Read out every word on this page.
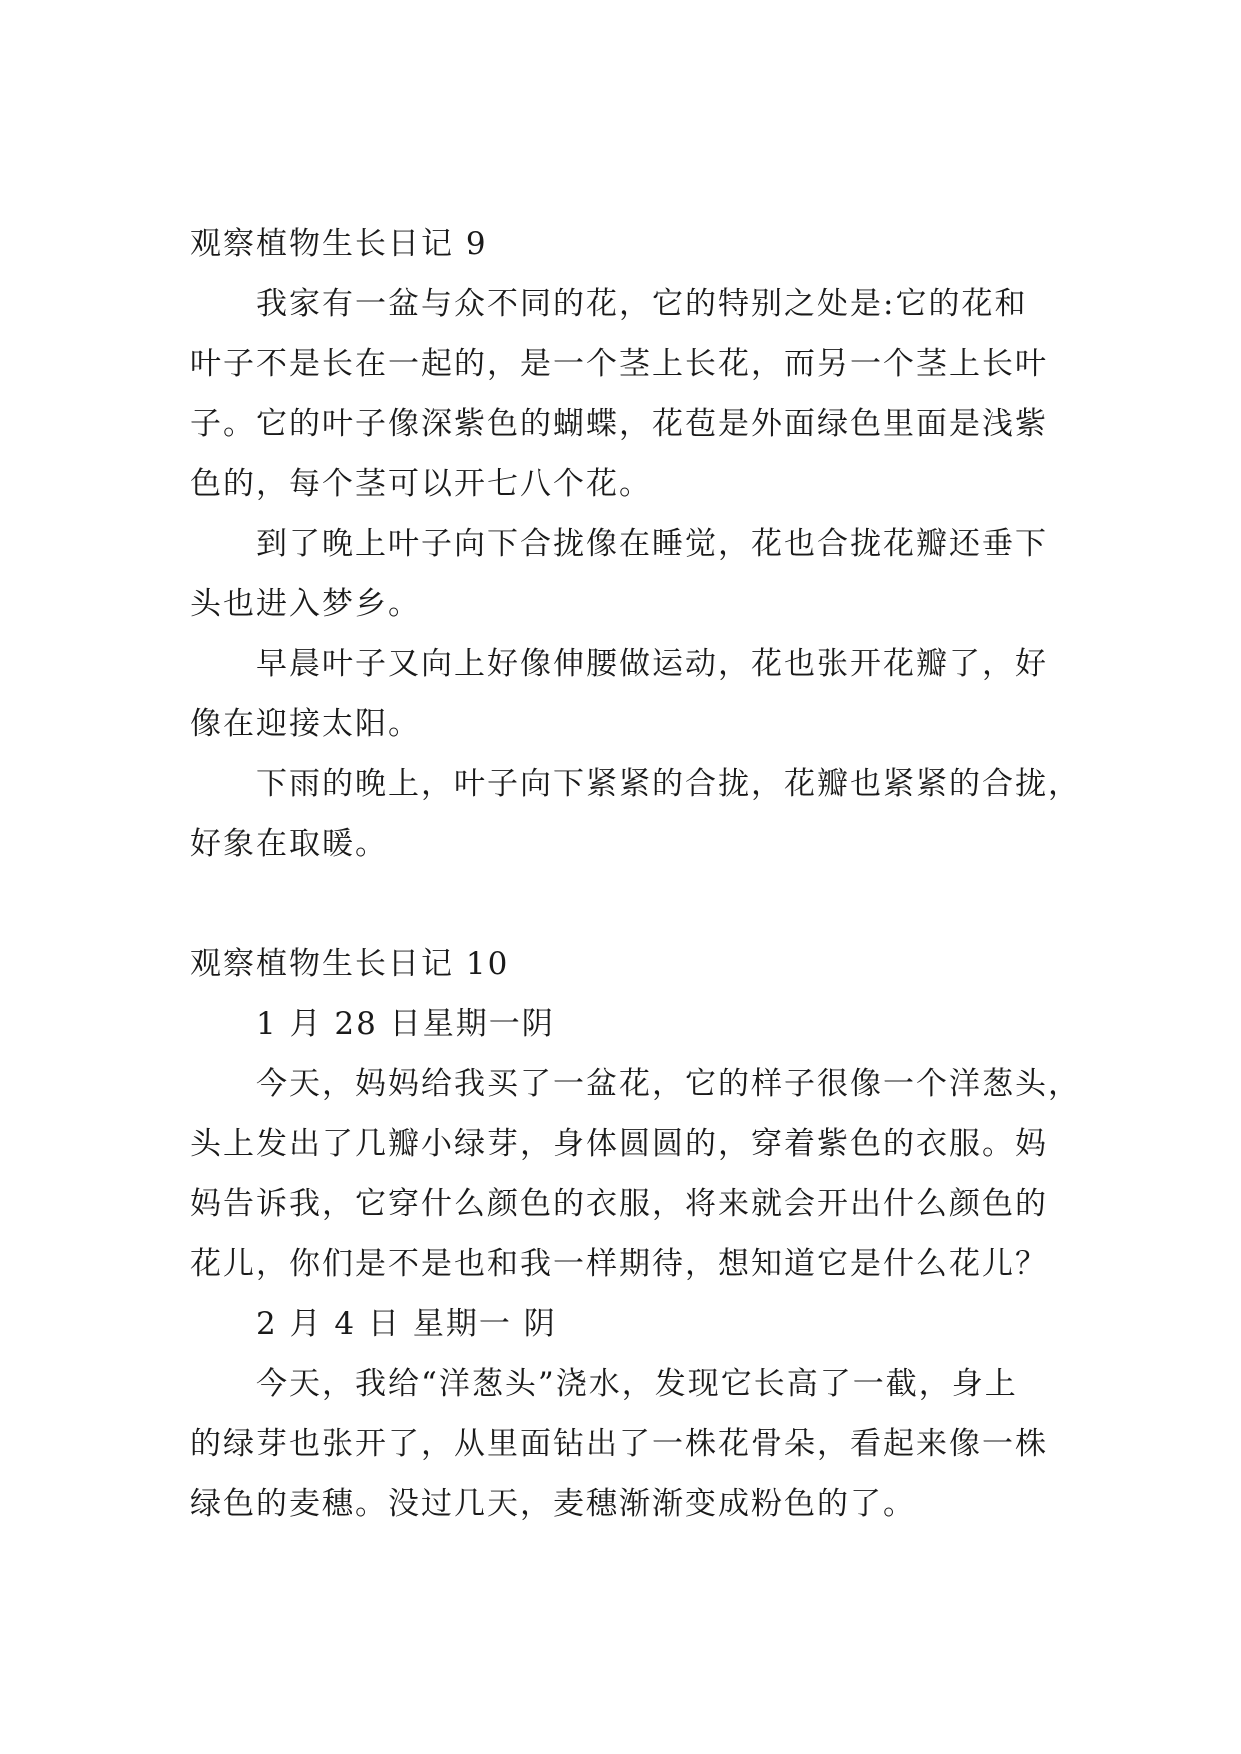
观察植物生长日记 9
我家有一盆与众不同的花，它的特别之处是:它的花和
叶子不是长在一起的，是一个茎上长花，而另一个茎上长叶
子。它的叶子像深紫色的蝴蝶，花苞是外面绿色里面是浅紫
色的，每个茎可以开七八个花。
到了晚上叶子向下合拢像在睡觉，花也合拢花瓣还垂下
头也进入梦乡。
早晨叶子又向上好像伸腰做运动，花也张开花瓣了，好
像在迎接太阳。
下雨的晚上，叶子向下紧紧的合拢，花瓣也紧紧的合拢，
好象在取暖。
观察植物生长日记 10
1 月 28 日星期一阴
今天，妈妈给我买了一盆花，它的样子很像一个洋葱头，
头上发出了几瓣小绿芽，身体圆圆的，穿着紫色的衣服。妈
妈告诉我，它穿什么颜色的衣服，将来就会开出什么颜色的
花儿，你们是不是也和我一样期待，想知道它是什么花儿？
2 月 4 日 星期一 阴
今天，我给“洋葱头”浇水，发现它长高了一截，身上
的绿芽也张开了，从里面钻出了一株花骨朵，看起来像一株
绿色的麦穗。没过几天，麦穗渐渐变成粉色的了。
